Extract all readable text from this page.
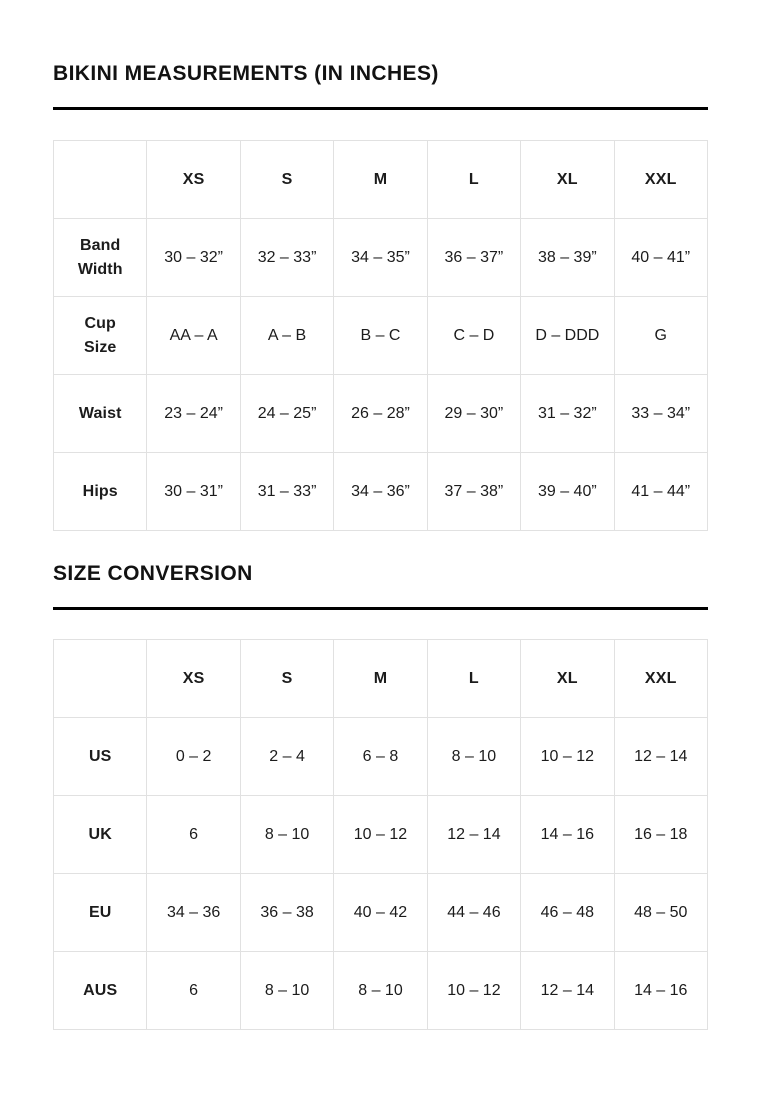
BIKINI MEASUREMENTS (IN INCHES)
	XS	S	M	L	XL	XXL
Band Width	30 – 32”	32 – 33”	34 – 35”	36 – 37”	38 – 39”	40 – 41”
Cup Size	AA – A	A – B	B – C	C – D	D – DDD	G
Waist	23 – 24”	24 – 25”	26 – 28”	29 – 30”	31 – 32”	33 – 34”
Hips	30 – 31”	31 – 33”	34 – 36”	37 – 38”	39 – 40”	41 – 44”
SIZE CONVERSION
	XS	S	M	L	XL	XXL
US	0 – 2	2 – 4	6 – 8	8 – 10	10 – 12	12 – 14
UK	6	8 – 10	10 – 12	12 – 14	14 – 16	16 – 18
EU	34 – 36	36 – 38	40 – 42	44 – 46	46 – 48	48 – 50
AUS	6	8 – 10	8 – 10	10 – 12	12 – 14	14 – 16
